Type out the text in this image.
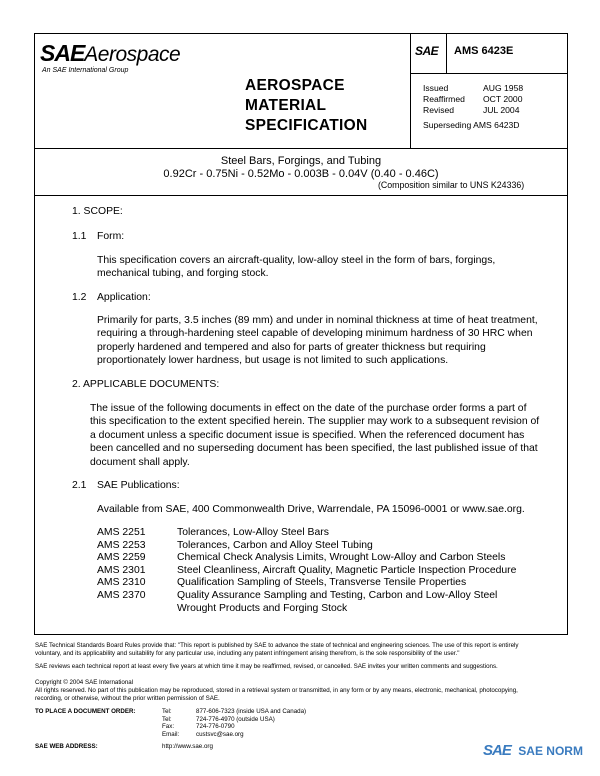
SAEAerospace
An SAE International Group
AEROSPACE
MATERIAL
SPECIFICATION
SAE AMS 6423E
Issued	AUG 1958
Reaffirmed	OCT 2000
Revised	JUL 2004
Superseding AMS 6423D
Steel Bars, Forgings, and Tubing
0.92Cr - 0.75Ni - 0.52Mo - 0.003B - 0.04V (0.40 - 0.46C)
(Composition similar to UNS K24336)
1. SCOPE:
1.1 Form:
This specification covers an aircraft-quality, low-alloy steel in the form of bars, forgings,
mechanical tubing, and forging stock.
1.2 Application:
Primarily for parts, 3.5 inches (89 mm) and under in nominal thickness at time of heat treatment,
requiring a through-hardening steel capable of developing minimum hardness of 30 HRC when
properly hardened and tempered and also for parts of greater thickness but requiring
proportionately lower hardness, but usage is not limited to such applications.
2. APPLICABLE DOCUMENTS:
The issue of the following documents in effect on the date of the purchase order forms a part of
this specification to the extent specified herein. The supplier may work to a subsequent revision of
a document unless a specific document issue is specified. When the referenced document has
been cancelled and no superseding document has been specified, the last published issue of that
document shall apply.
2.1 SAE Publications:
Available from SAE, 400 Commonwealth Drive, Warrendale, PA 15096-0001 or www.sae.org.
AMS 2251	Tolerances, Low-Alloy Steel Bars
AMS 2253	Tolerances, Carbon and Alloy Steel Tubing
AMS 2259	Chemical Check Analysis Limits, Wrought Low-Alloy and Carbon Steels
AMS 2301	Steel Cleanliness, Aircraft Quality, Magnetic Particle Inspection Procedure
AMS 2310	Qualification Sampling of Steels, Transverse Tensile Properties
AMS 2370	Quality Assurance Sampling and Testing, Carbon and Low-Alloy Steel
Wrought Products and Forging Stock
SAE Technical Standards Board Rules provide that: "This report is published by SAE to advance the state of technical and engineering sciences. The use of this report is entirely
voluntary, and its applicability and suitability for any particular use, including any patent infringement arising therefrom, is the sole responsibility of the user."
SAE reviews each technical report at least every five years at which time it may be reaffirmed, revised, or cancelled. SAE invites your written comments and suggestions.
Copyright © 2004 SAE International
All rights reserved. No part of this publication may be reproduced, stored in a retrieval system or transmitted, in any form or by any means, electronic, mechanical, photocopying,
recording, or otherwise, without the prior written permission of SAE.
TO PLACE A DOCUMENT ORDER:	Tel:	877-606-7323 (inside USA and Canada)
Tel:	724-776-4970 (outside USA)
Fax:	724-776-0790
Email:	custsvc@sae.org
SAE WEB ADDRESS:	http://www.sae.org	SAE SAE NORM
